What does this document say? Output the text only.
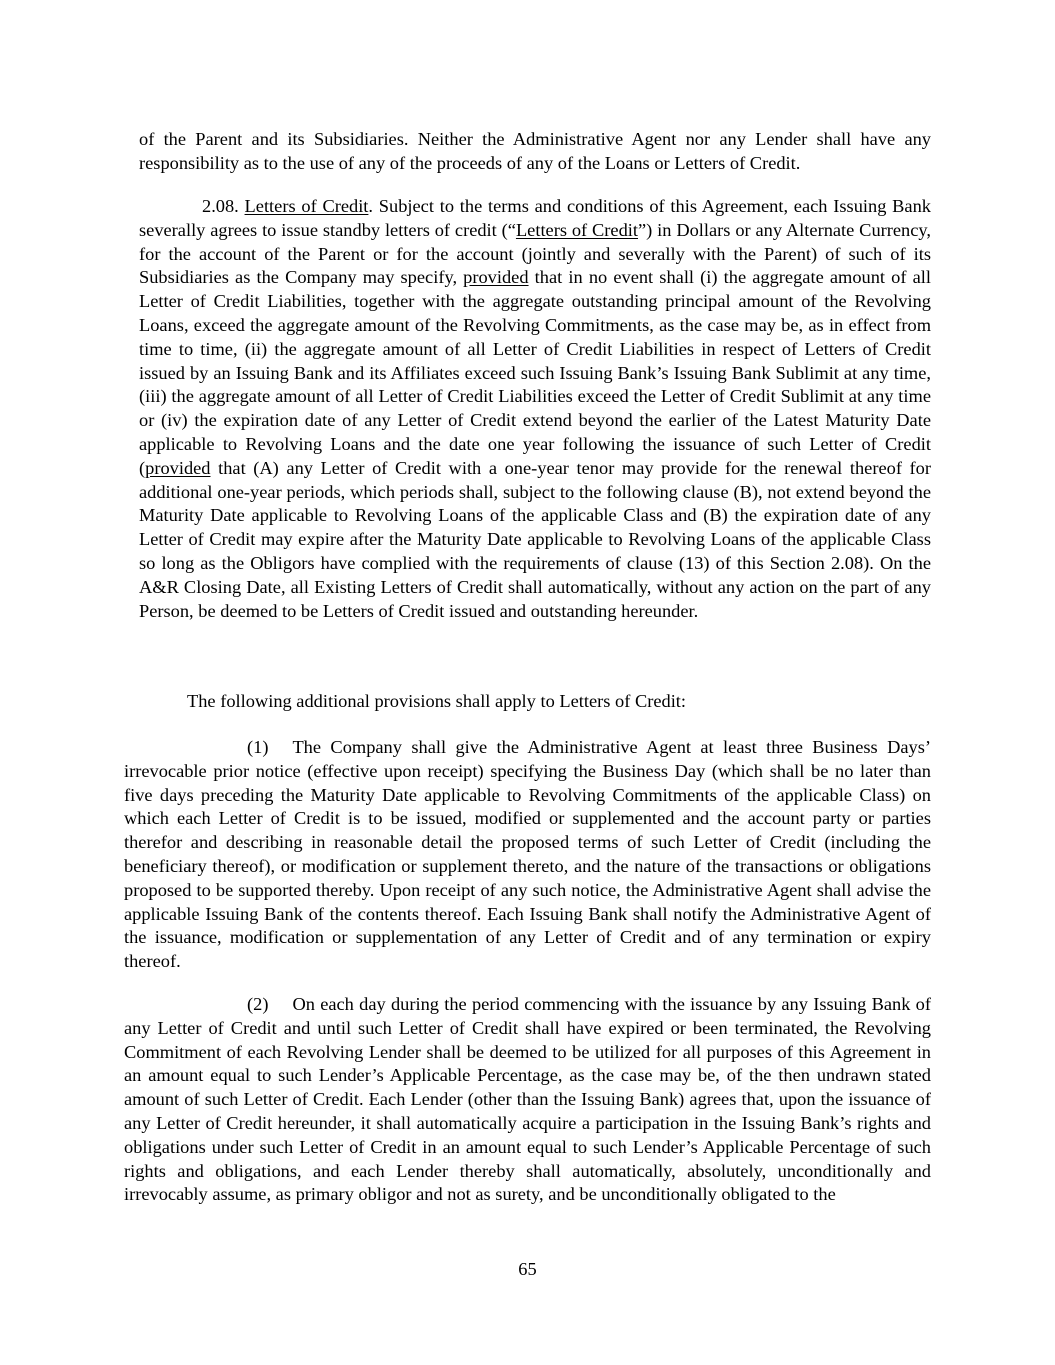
of the Parent and its Subsidiaries. Neither the Administrative Agent nor any Lender shall have any responsibility as to the use of any of the proceeds of any of the Loans or Letters of Credit.

2.08. Letters of Credit. Subject to the terms and conditions of this Agreement, each Issuing Bank severally agrees to issue standby letters of credit (“Letters of Credit”) in Dollars or any Alternate Currency, for the account of the Parent or for the account (jointly and severally with the Parent) of such of its Subsidiaries as the Company may specify, provided that in no event shall (i) the aggregate amount of all Letter of Credit Liabilities, together with the aggregate outstanding principal amount of the Revolving Loans, exceed the aggregate amount of the Revolving Commitments, as the case may be, as in effect from time to time, (ii) the aggregate amount of all Letter of Credit Liabilities in respect of Letters of Credit issued by an Issuing Bank and its Affiliates exceed such Issuing Bank’s Issuing Bank Sublimit at any time, (iii) the aggregate amount of all Letter of Credit Liabilities exceed the Letter of Credit Sublimit at any time or (iv) the expiration date of any Letter of Credit extend beyond the earlier of the Latest Maturity Date applicable to Revolving Loans and the date one year following the issuance of such Letter of Credit (provided that (A) any Letter of Credit with a one-year tenor may provide for the renewal thereof for additional one-year periods, which periods shall, subject to the following clause (B), not extend beyond the Maturity Date applicable to Revolving Loans of the applicable Class and (B) the expiration date of any Letter of Credit may expire after the Maturity Date applicable to Revolving Loans of the applicable Class so long as the Obligors have complied with the requirements of clause (13) of this Section 2.08). On the A&R Closing Date, all Existing Letters of Credit shall automatically, without any action on the part of any Person, be deemed to be Letters of Credit issued and outstanding hereunder.

The following additional provisions shall apply to Letters of Credit:

(1) The Company shall give the Administrative Agent at least three Business Days’ irrevocable prior notice (effective upon receipt) specifying the Business Day (which shall be no later than five days preceding the Maturity Date applicable to Revolving Commitments of the applicable Class) on which each Letter of Credit is to be issued, modified or supplemented and the account party or parties therefor and describing in reasonable detail the proposed terms of such Letter of Credit (including the beneficiary thereof), or modification or supplement thereto, and the nature of the transactions or obligations proposed to be supported thereby. Upon receipt of any such notice, the Administrative Agent shall advise the applicable Issuing Bank of the contents thereof. Each Issuing Bank shall notify the Administrative Agent of the issuance, modification or supplementation of any Letter of Credit and of any termination or expiry thereof.

(2) On each day during the period commencing with the issuance by any Issuing Bank of any Letter of Credit and until such Letter of Credit shall have expired or been terminated, the Revolving Commitment of each Revolving Lender shall be deemed to be utilized for all purposes of this Agreement in an amount equal to such Lender’s Applicable Percentage, as the case may be, of the then undrawn stated amount of such Letter of Credit. Each Lender (other than the Issuing Bank) agrees that, upon the issuance of any Letter of Credit hereunder, it shall automatically acquire a participation in the Issuing Bank’s rights and obligations under such Letter of Credit in an amount equal to such Lender’s Applicable Percentage of such rights and obligations, and each Lender thereby shall automatically, absolutely, unconditionally and irrevocably assume, as primary obligor and not as surety, and be unconditionally obligated to the

65
